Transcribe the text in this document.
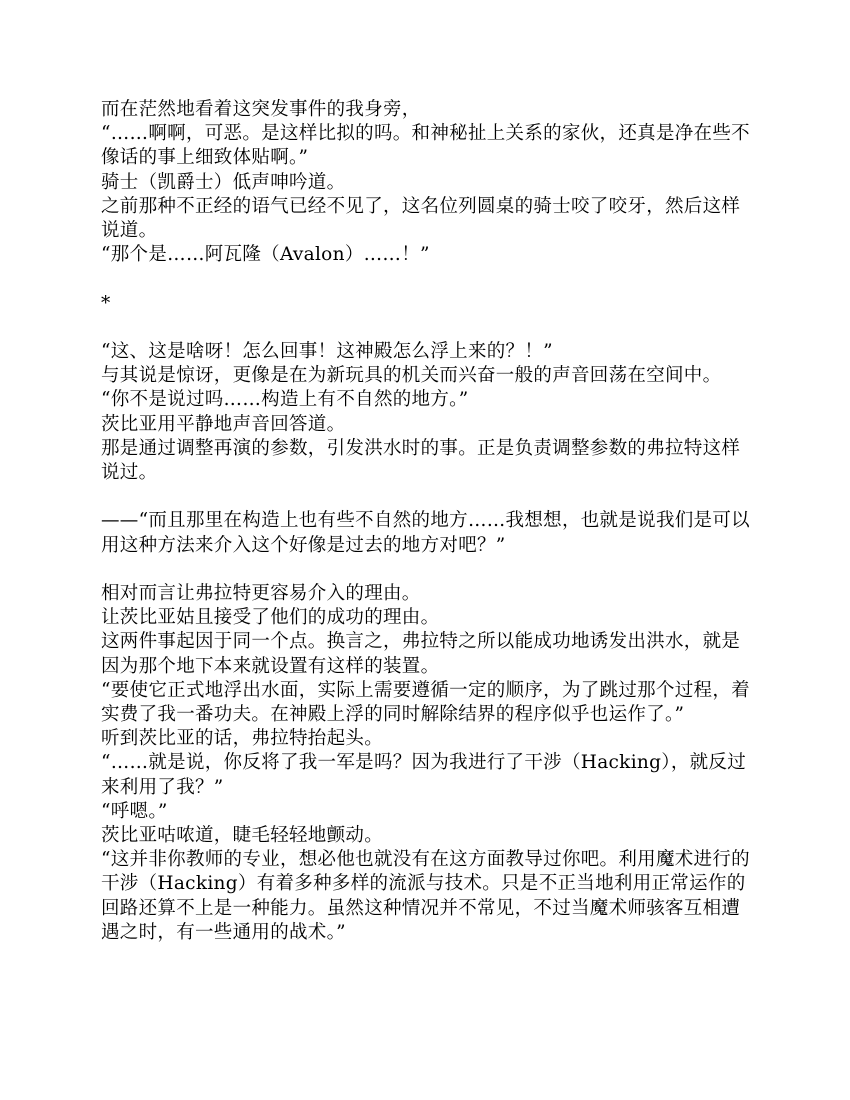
而在茫然地看着这突发事件的我身旁，

“……啊啊，可恶。是这样比拟的吗。和神秘扯上关系的家伙，还真是净在些不像话的事上细致体贴啊。”

骑士（凯爵士）低声呻吟道。

之前那种不正经的语气已经不见了，这名位列圆桌的骑士咬了咬牙，然后这样说道。

“那个是……阿瓦隆（Avalon）……！”

*

“这、这是啥呀！怎么回事！这神殿怎么浮上来的？！”

与其说是惊讶，更像是在为新玩具的机关而兴奋一般的声音回荡在空间中。

“你不是说过吗……构造上有不自然的地方。”

茨比亚用平静地声音回答道。

那是通过调整再演的参数，引发洪水时的事。正是负责调整参数的弗拉特这样说过。

——“而且那里在构造上也有些不自然的地方……我想想，也就是说我们是可以用这种方法来介入这个好像是过去的地方对吧？”

相对而言让弗拉特更容易介入的理由。

让茨比亚姑且接受了他们的成功的理由。

这两件事起因于同一个点。换言之，弗拉特之所以能成功地诱发出洪水，就是因为那个地下本来就设置有这样的装置。

“要使它正式地浮出水面，实际上需要遵循一定的顺序，为了跳过那个过程，着实费了我一番功夫。在神殿上浮的同时解除结界的程序似乎也运作了。”

听到茨比亚的话，弗拉特抬起头。

“……就是说，你反将了我一军是吗？因为我进行了干涉（Hacking），就反过来利用了我？”

“呼嗯。”

茨比亚咕哝道，睫毛轻轻地颤动。

“这并非你教师的专业，想必他也就没有在这方面教导过你吧。利用魔术进行的干涉（Hacking）有着多种多样的流派与技术。只是不正当地利用正常运作的回路还算不上是一种能力。虽然这种情况并不常见，不过当魔术师骇客互相遭遇之时，有一些通用的战术。”
